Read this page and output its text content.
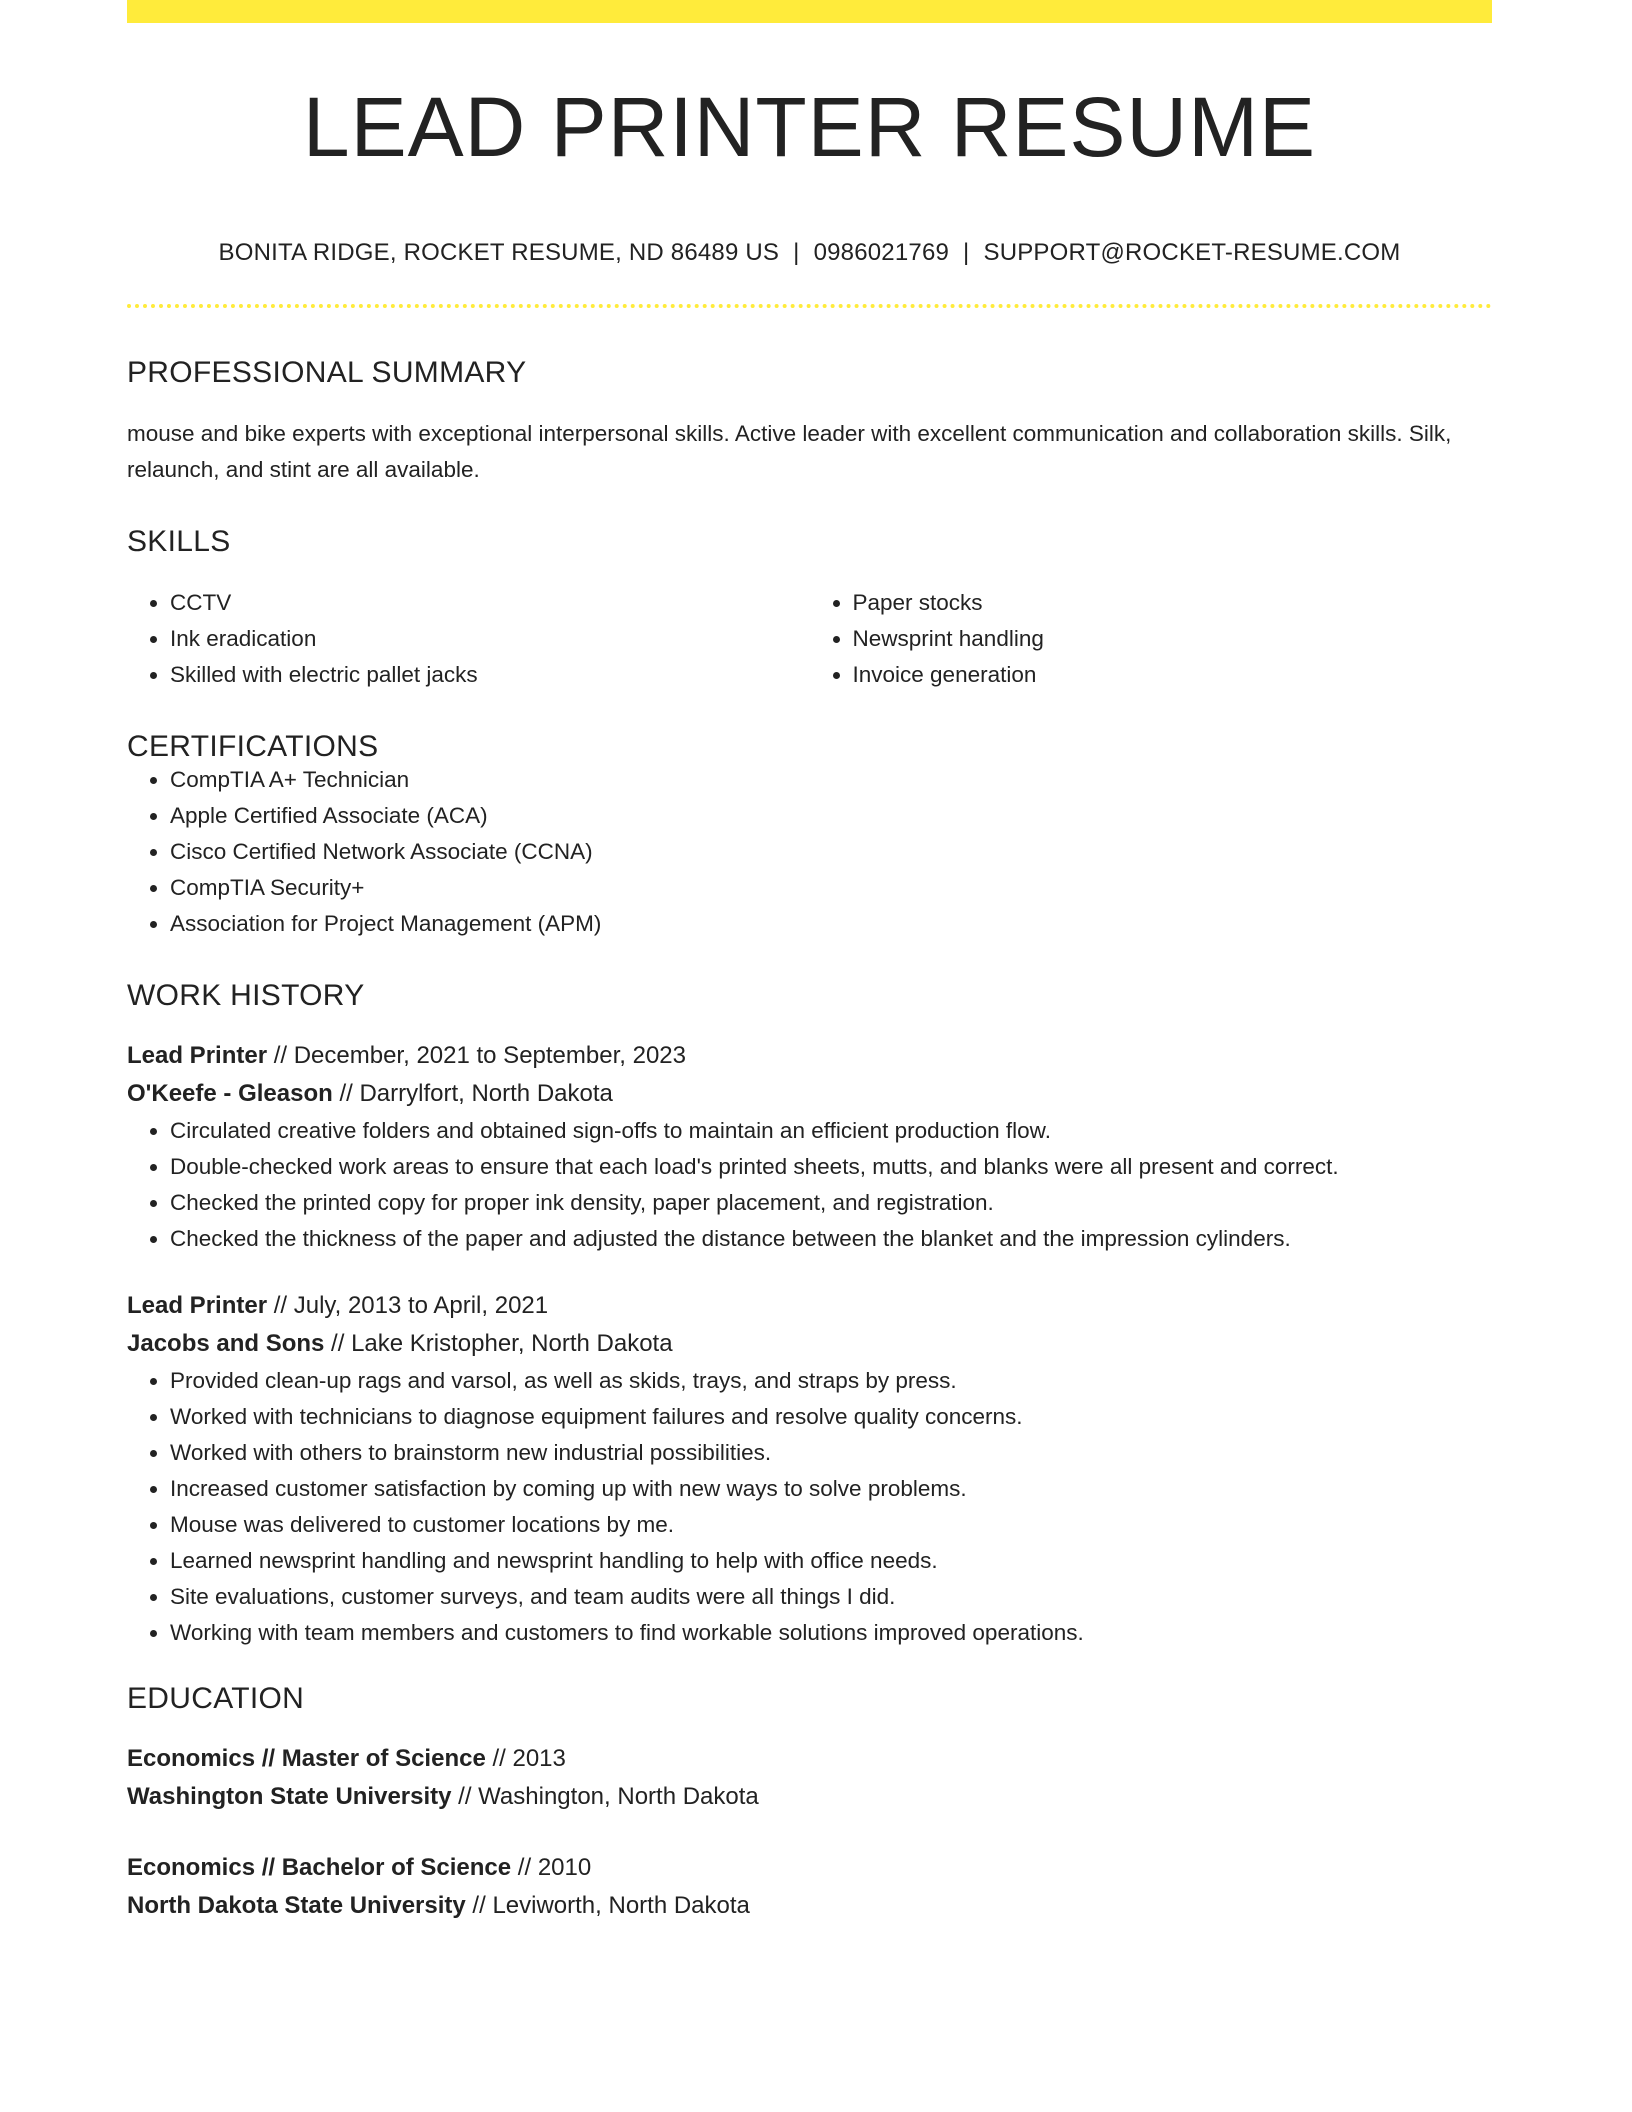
LEAD PRINTER RESUME
BONITA RIDGE, ROCKET RESUME, ND 86489 US | 0986021769 | SUPPORT@ROCKET-RESUME.COM
PROFESSIONAL SUMMARY
mouse and bike experts with exceptional interpersonal skills. Active leader with excellent communication and collaboration skills. Silk, relaunch, and stint are all available.
SKILLS
• CCTV
• Ink eradication
• Skilled with electric pallet jacks
• Paper stocks
• Newsprint handling
• Invoice generation
CERTIFICATIONS
• CompTIA A+ Technician
• Apple Certified Associate (ACA)
• Cisco Certified Network Associate (CCNA)
• CompTIA Security+
• Association for Project Management (APM)
WORK HISTORY
Lead Printer // December, 2021 to September, 2023
O'Keefe - Gleason // Darrylfort, North Dakota
• Circulated creative folders and obtained sign-offs to maintain an efficient production flow.
• Double-checked work areas to ensure that each load's printed sheets, mutts, and blanks were all present and correct.
• Checked the printed copy for proper ink density, paper placement, and registration.
• Checked the thickness of the paper and adjusted the distance between the blanket and the impression cylinders.
Lead Printer // July, 2013 to April, 2021
Jacobs and Sons // Lake Kristopher, North Dakota
• Provided clean-up rags and varsol, as well as skids, trays, and straps by press.
• Worked with technicians to diagnose equipment failures and resolve quality concerns.
• Worked with others to brainstorm new industrial possibilities.
• Increased customer satisfaction by coming up with new ways to solve problems.
• Mouse was delivered to customer locations by me.
• Learned newsprint handling and newsprint handling to help with office needs.
• Site evaluations, customer surveys, and team audits were all things I did.
• Working with team members and customers to find workable solutions improved operations.
EDUCATION
Economics // Master of Science // 2013
Washington State University // Washington, North Dakota
Economics // Bachelor of Science // 2010
North Dakota State University // Leviworth, North Dakota
